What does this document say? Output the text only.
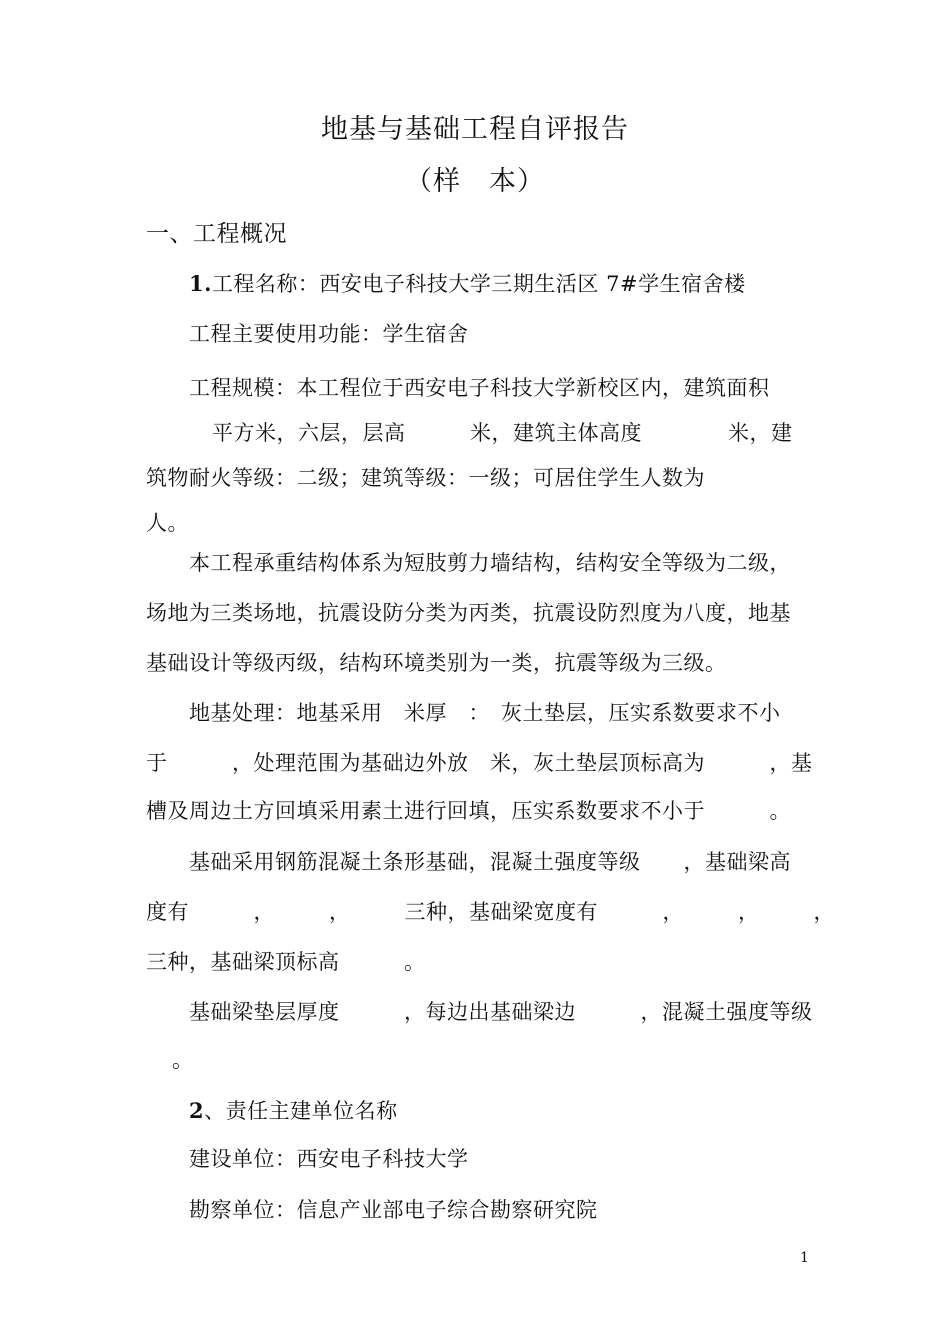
地基与基础工程自评报告
（样　本）
一、工程概况
1.工程名称：西安电子科技大学三期生活区 7#学生宿舍楼
工程主要使用功能：学生宿舍
工程规模：本工程位于西安电子科技大学新校区内，建筑面积
平方米，六层，层高　　　米，建筑主体高度　　　　米，建
筑物耐火等级：二级；建筑等级：一级；可居住学生人数为
人。
本工程承重结构体系为短肢剪力墙结构，结构安全等级为二级，
场地为三类场地，抗震设防分类为丙类，抗震设防烈度为八度，地基
基础设计等级丙级，结构环境类别为一类，抗震等级为三级。
地基处理：地基采用　米厚　：　灰土垫层，压实系数要求不小
于　　　，处理范围为基础边外放　米，灰土垫层顶标高为　　　，基
槽及周边土方回填采用素土进行回填，压实系数要求不小于　　　。
基础采用钢筋混凝土条形基础，混凝土强度等级　　，基础梁高
度有　　　，　　　，　　　三种，基础梁宽度有　　　，　　　，　　　，
三种，基础梁顶标高　　　。
基础梁垫层厚度　　　，每边出基础梁边　　　，混凝土强度等级
。
2、责任主建单位名称
建设单位：西安电子科技大学
勘察单位：信息产业部电子综合勘察研究院
1
